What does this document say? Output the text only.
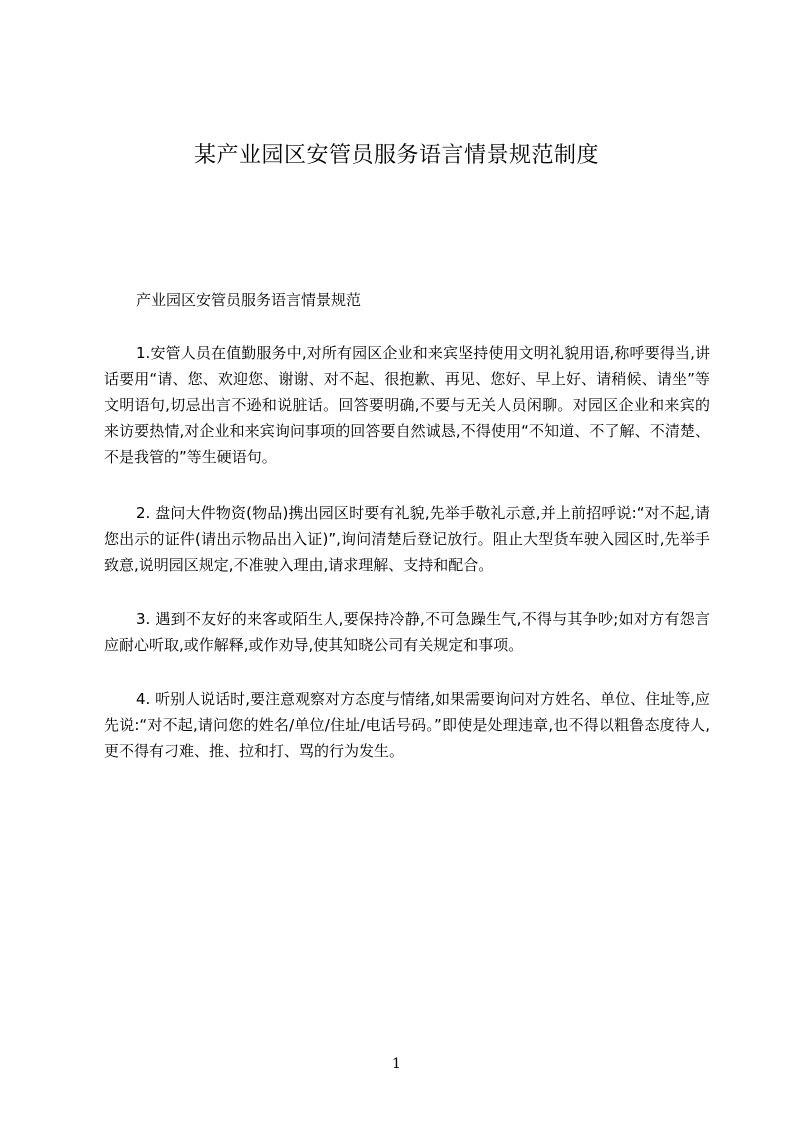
某产业园区安管员服务语言情景规范制度
产业园区安管员服务语言情景规范

1.安管人员在值勤服务中,对所有园区企业和来宾坚持使用文明礼貌用语,称呼要得当,讲话要用“请、您、欢迎您、谢谢、对不起、很抱歉、再见、您好、早上好、请稍候、请坐”等文明语句,切忌出言不逊和说脏话。回答要明确,不要与无关人员闲聊。对园区企业和来宾的来访要热情,对企业和来宾询问事项的回答要自然诚恳,不得使用“不知道、不了解、不清楚、不是我管的”等生硬语句。

2. 盘问大件物资(物品)携出园区时要有礼貌,先举手敬礼示意,并上前招呼说:“对不起,请您出示的证件(请出示物品出入证)”,询问清楚后登记放行。阻止大型货车驶入园区时,先举手致意,说明园区规定,不准驶入理由,请求理解、支持和配合。

3. 遇到不友好的来客或陌生人,要保持冷静,不可急躁生气,不得与其争吵;如对方有怨言应耐心听取,或作解释,或作劝导,使其知晓公司有关规定和事项。

4. 听别人说话时,要注意观察对方态度与情绪,如果需要询问对方姓名、单位、住址等,应先说:“对不起,请问您的姓名/单位/住址/电话号码。”即使是处理违章,也不得以粗鲁态度待人,更不得有刁难、推、拉和打、骂的行为发生。

1
